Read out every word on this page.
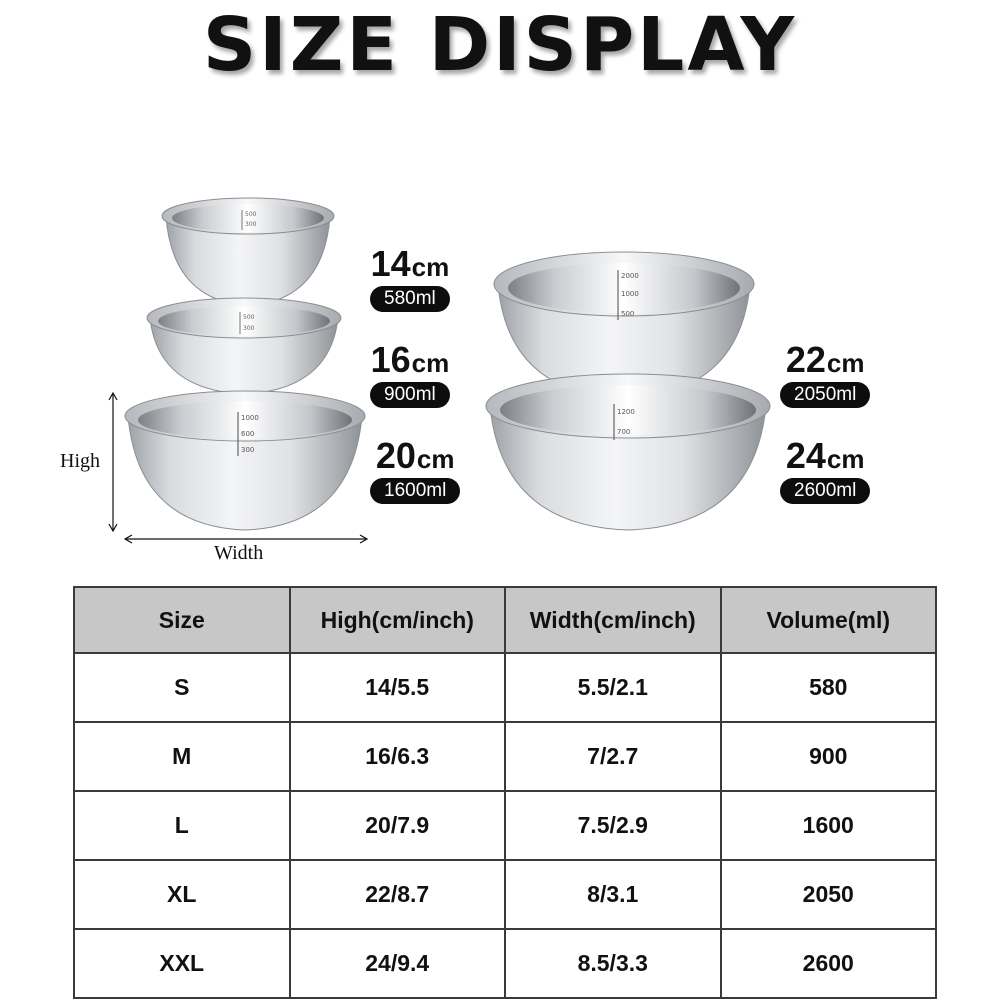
SIZE DISPLAY
500
300
500
300
1000
600
300
2000
1000
500
1200
700
High
Width
14cm
580ml
16cm
900ml
20cm
1600ml
22cm
2050ml
24cm
2600ml
Size	High(cm/inch)	Width(cm/inch)	Volume(ml)
S	14/5.5	5.5/2.1	580
M	16/6.3	7/2.7	900
L	20/7.9	7.5/2.9	1600
XL	22/8.7	8/3.1	2050
XXL	24/9.4	8.5/3.3	2600
